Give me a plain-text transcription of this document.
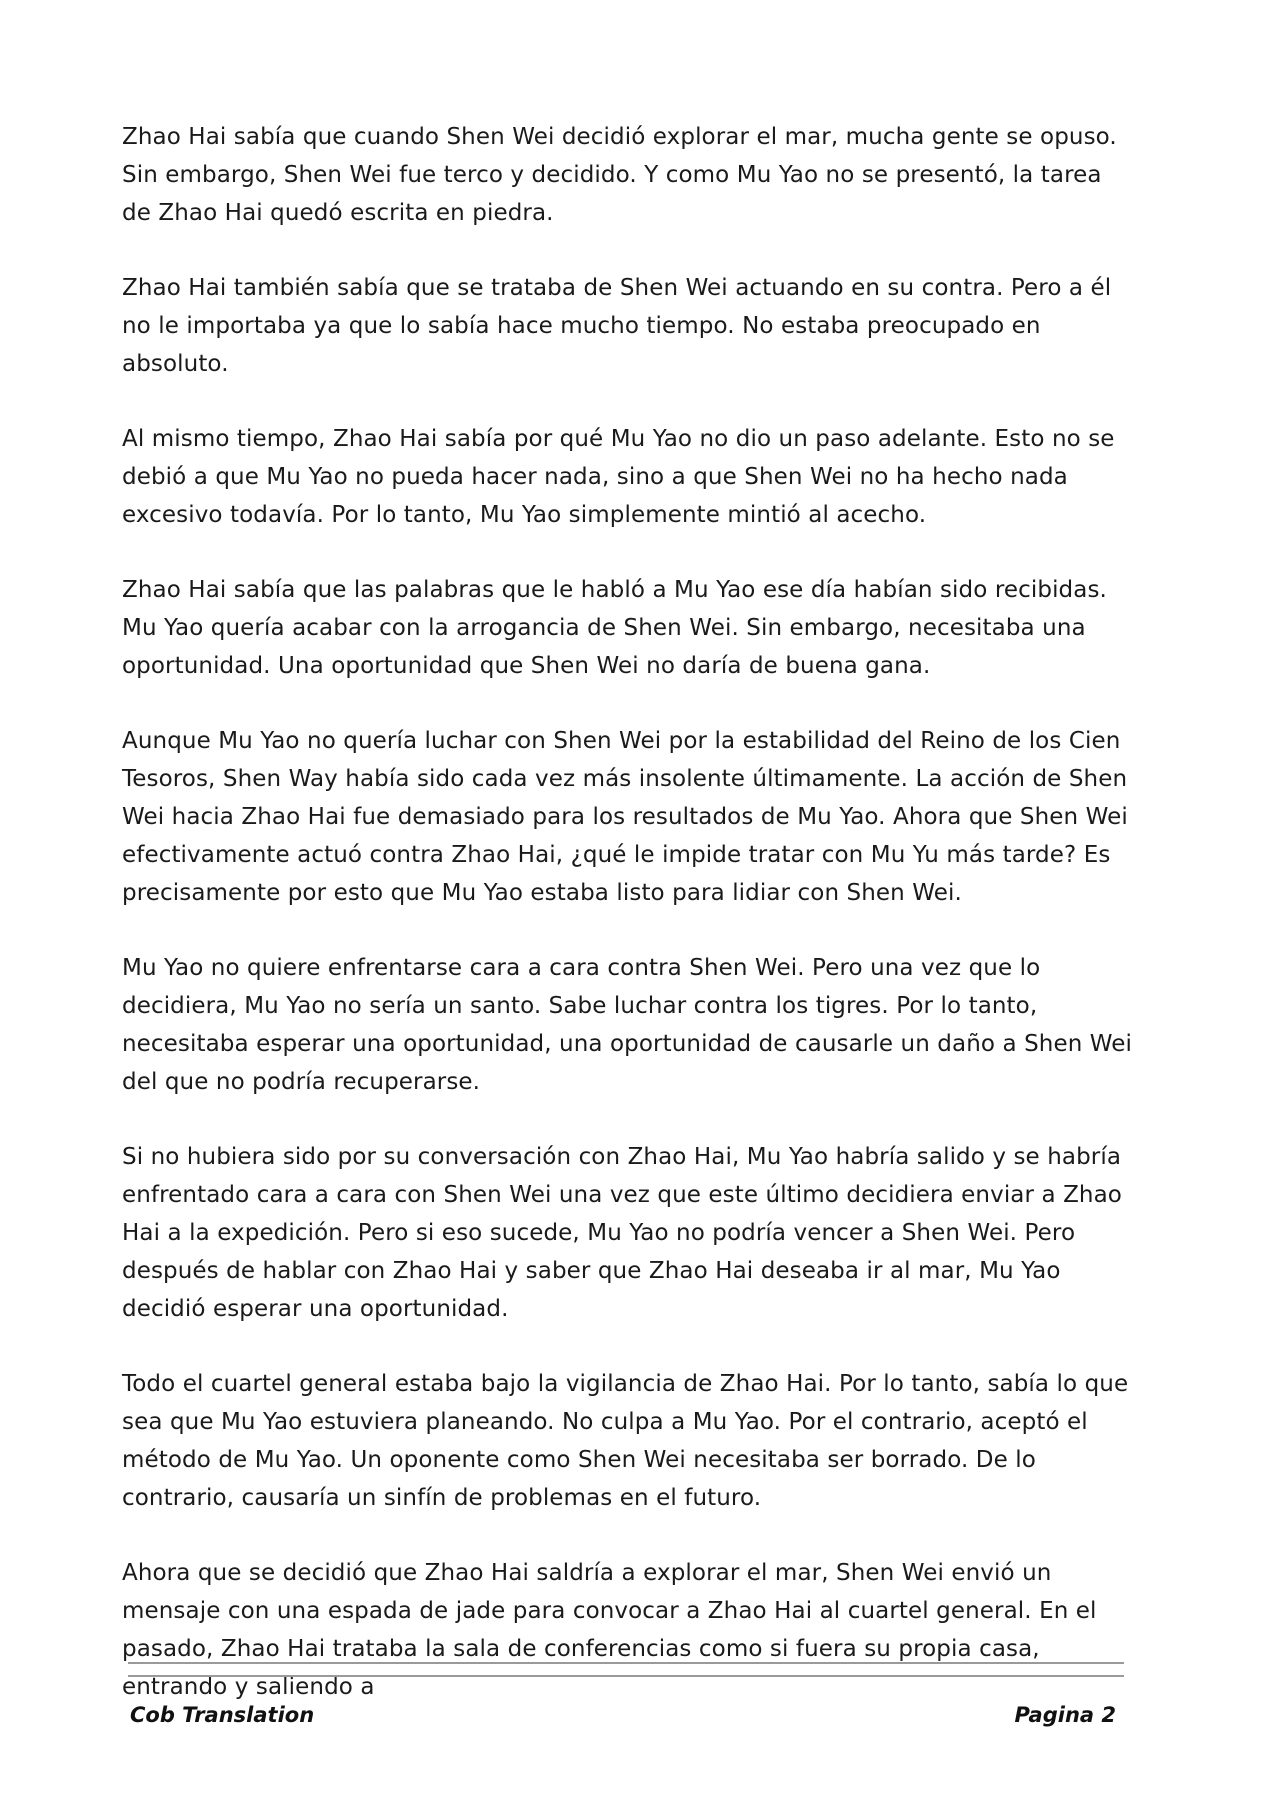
Zhao Hai sabía que cuando Shen Wei decidió explorar el mar, mucha gente se opuso. Sin embargo, Shen Wei fue terco y decidido. Y como Mu Yao no se presentó, la tarea de Zhao Hai quedó escrita en piedra.

Zhao Hai también sabía que se trataba de Shen Wei actuando en su contra. Pero a él no le importaba ya que lo sabía hace mucho tiempo. No estaba preocupado en absoluto.

Al mismo tiempo, Zhao Hai sabía por qué Mu Yao no dio un paso adelante. Esto no se debió a que Mu Yao no pueda hacer nada, sino a que Shen Wei no ha hecho nada excesivo todavía. Por lo tanto, Mu Yao simplemente mintió al acecho.

Zhao Hai sabía que las palabras que le habló a Mu Yao ese día habían sido recibidas. Mu Yao quería acabar con la arrogancia de Shen Wei. Sin embargo, necesitaba una oportunidad. Una oportunidad que Shen Wei no daría de buena gana.

Aunque Mu Yao no quería luchar con Shen Wei por la estabilidad del Reino de los Cien Tesoros, Shen Way había sido cada vez más insolente últimamente. La acción de Shen Wei hacia Zhao Hai fue demasiado para los resultados de Mu Yao. Ahora que Shen Wei efectivamente actuó contra Zhao Hai, ¿qué le impide tratar con Mu Yu más tarde? Es precisamente por esto que Mu Yao estaba listo para lidiar con Shen Wei.

Mu Yao no quiere enfrentarse cara a cara contra Shen Wei. Pero una vez que lo decidiera, Mu Yao no sería un santo. Sabe luchar contra los tigres. Por lo tanto, necesitaba esperar una oportunidad, una oportunidad de causarle un daño a Shen Wei del que no podría recuperarse.

Si no hubiera sido por su conversación con Zhao Hai, Mu Yao habría salido y se habría enfrentado cara a cara con Shen Wei una vez que este último decidiera enviar a Zhao Hai a la expedición. Pero si eso sucede, Mu Yao no podría vencer a Shen Wei. Pero después de hablar con Zhao Hai y saber que Zhao Hai deseaba ir al mar, Mu Yao decidió esperar una oportunidad.

Todo el cuartel general estaba bajo la vigilancia de Zhao Hai. Por lo tanto, sabía lo que sea que Mu Yao estuviera planeando. No culpa a Mu Yao. Por el contrario, aceptó el método de Mu Yao. Un oponente como Shen Wei necesitaba ser borrado. De lo contrario, causaría un sinfín de problemas en el futuro.

Ahora que se decidió que Zhao Hai saldría a explorar el mar, Shen Wei envió un mensaje con una espada de jade para convocar a Zhao Hai al cuartel general. En el pasado, Zhao Hai trataba la sala de conferencias como si fuera su propia casa, entrando y saliendo a

Cob Translation	Pagina 2
